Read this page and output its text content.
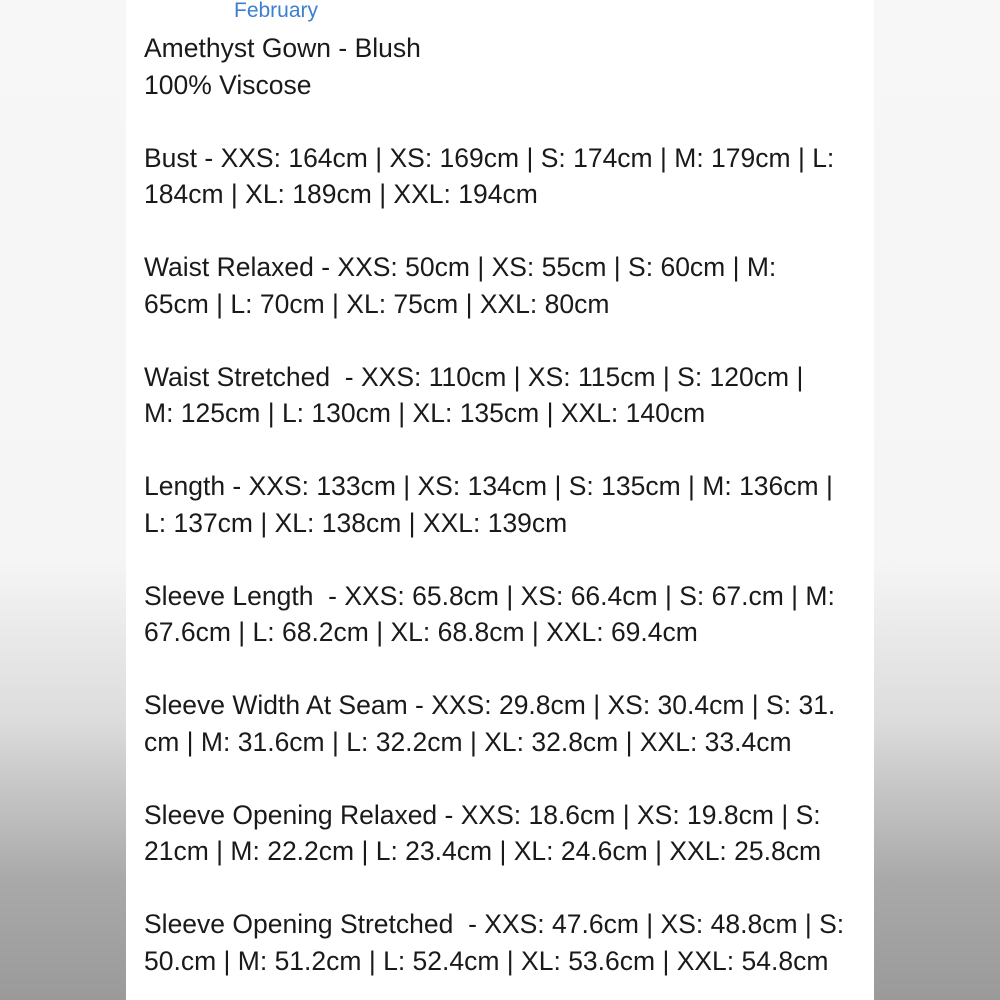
February
Amethyst Gown - Blush
100% Viscose
Bust - XXS: 164cm | XS: 169cm | S: 174cm | M: 179cm | L:
184cm | XL: 189cm | XXL: 194cm
Waist Relaxed - XXS: 50cm | XS: 55cm | S: 60cm | M:
65cm | L: 70cm | XL: 75cm | XXL: 80cm
Waist Stretched  - XXS: 110cm | XS: 115cm | S: 120cm |
M: 125cm | L: 130cm | XL: 135cm | XXL: 140cm
Length - XXS: 133cm | XS: 134cm | S: 135cm | M: 136cm |
L: 137cm | XL: 138cm | XXL: 139cm
Sleeve Length  - XXS: 65.8cm | XS: 66.4cm | S: 67.cm | M:
67.6cm | L: 68.2cm | XL: 68.8cm | XXL: 69.4cm
Sleeve Width At Seam - XXS: 29.8cm | XS: 30.4cm | S: 31.
cm | M: 31.6cm | L: 32.2cm | XL: 32.8cm | XXL: 33.4cm
Sleeve Opening Relaxed - XXS: 18.6cm | XS: 19.8cm | S:
21cm | M: 22.2cm | L: 23.4cm | XL: 24.6cm | XXL: 25.8cm
Sleeve Opening Stretched  - XXS: 47.6cm | XS: 48.8cm | S:
50.cm | M: 51.2cm | L: 52.4cm | XL: 53.6cm | XXL: 54.8cm
